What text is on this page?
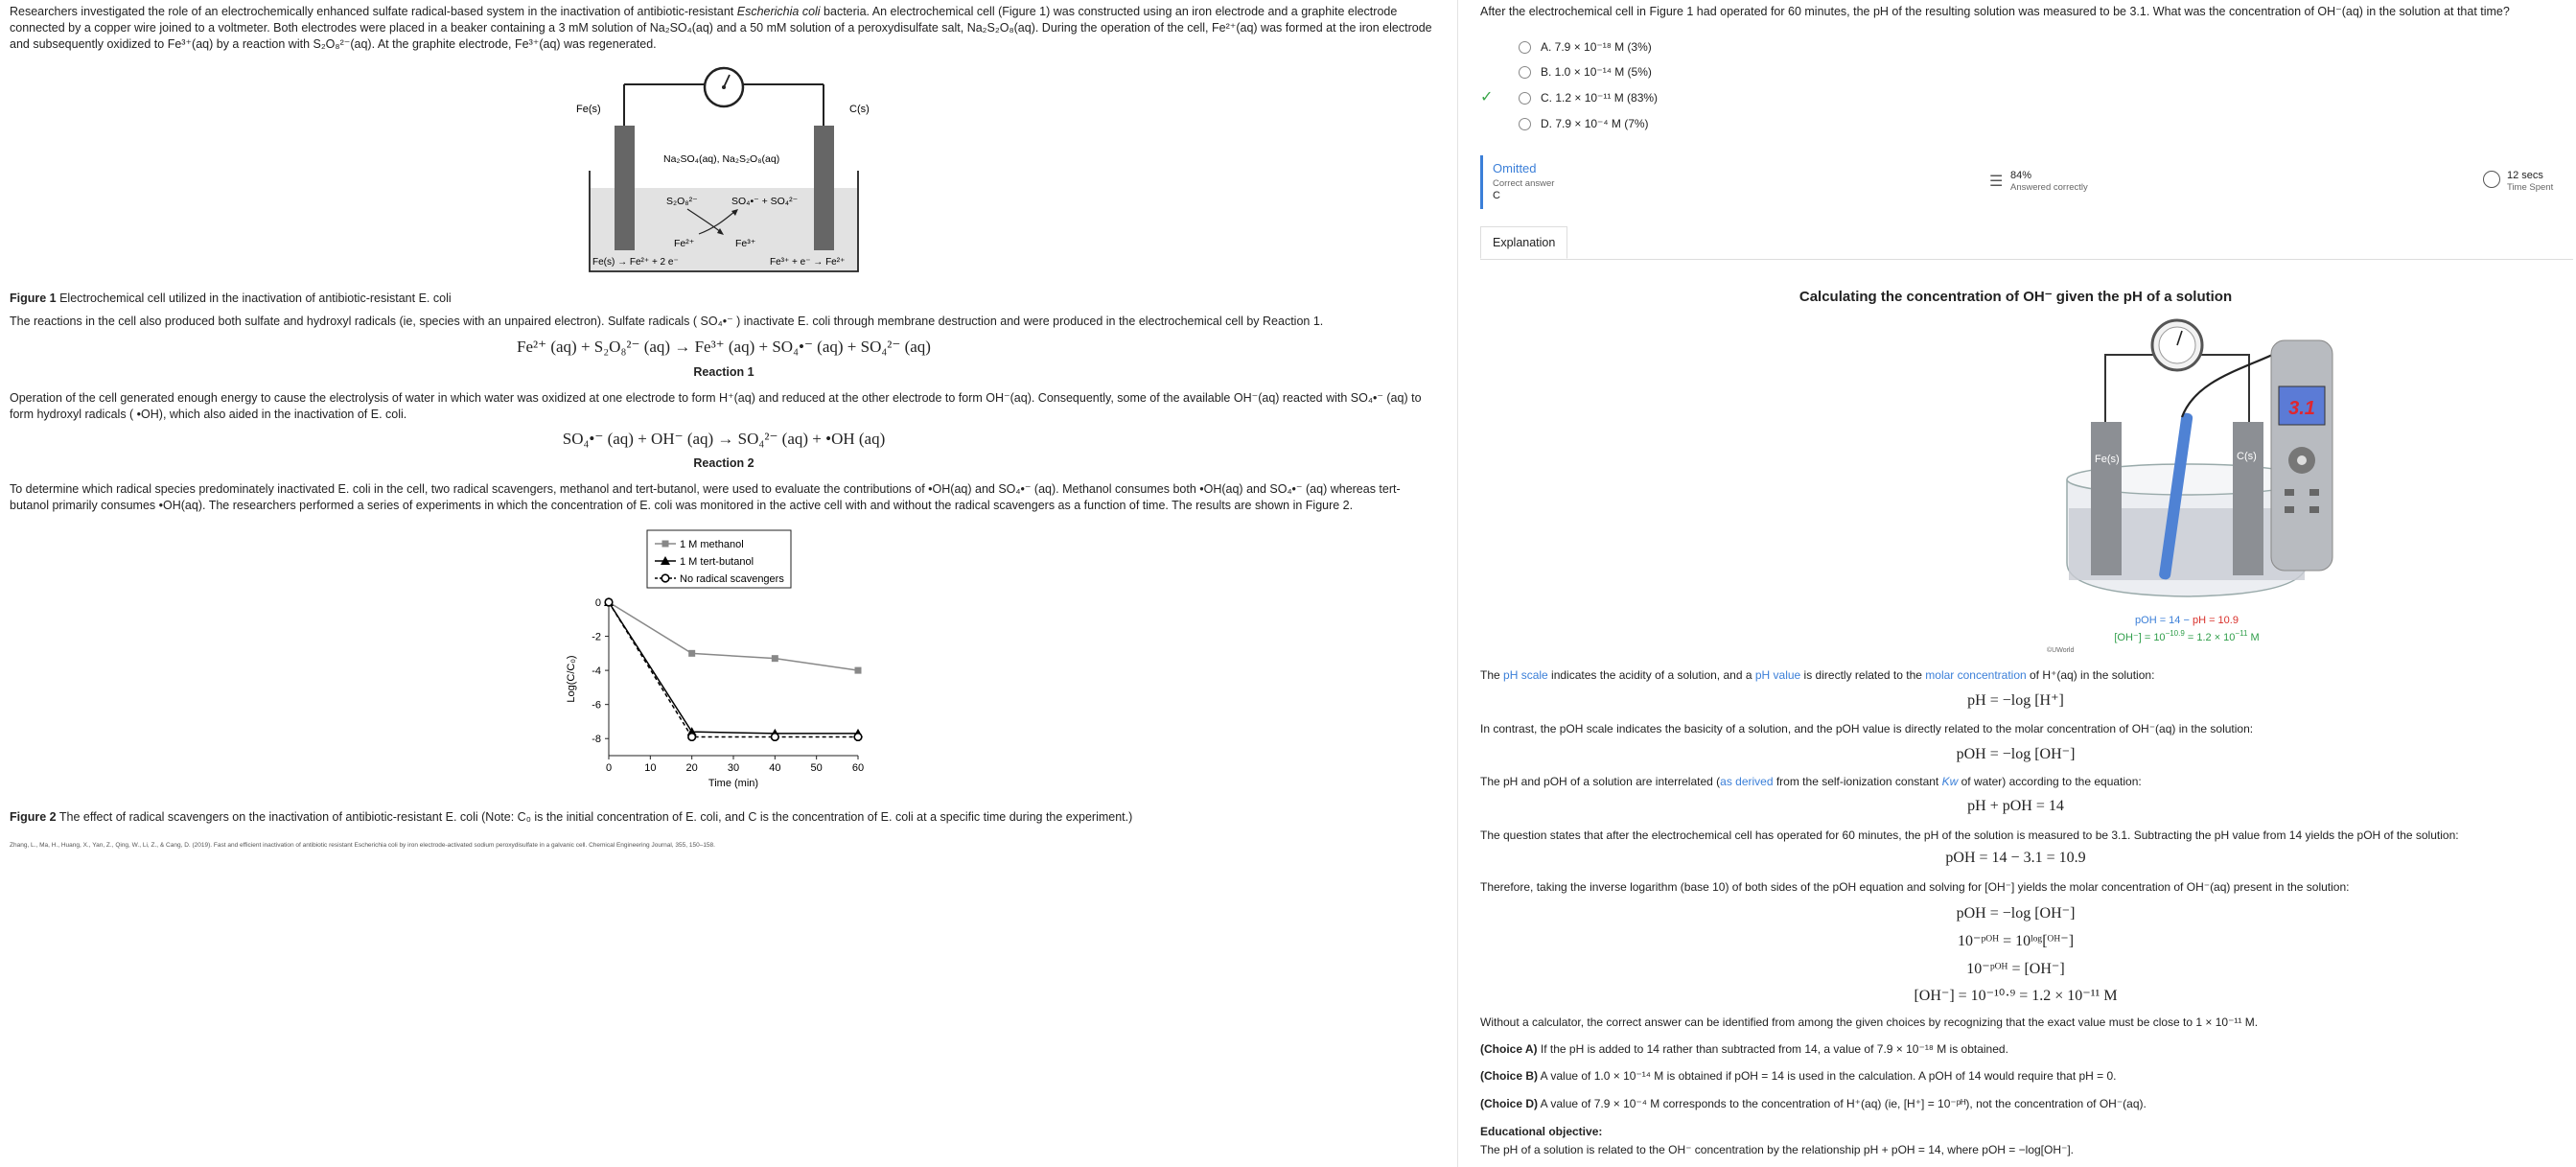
Researchers investigated the role of an electrochemically enhanced sulfate radical-based system in the inactivation of antibiotic-resistant Escherichia coli bacteria. An electrochemical cell (Figure 1) was constructed using an iron electrode and a graphite electrode connected by a copper wire joined to a voltmeter. Both electrodes were placed in a beaker containing a 3 mM solution of Na₂SO₄(aq) and a 50 mM solution of a peroxydisulfate salt, Na₂S₂O₈(aq). During the operation of the cell, Fe²⁺(aq) was formed at the iron electrode and subsequently oxidized to Fe³⁺(aq) by a reaction with S₂O₈²⁻(aq). At the graphite electrode, Fe³⁺(aq) was regenerated.

Fe(s)	C(s)
Na₂SO₄(aq), Na₂S₂O₈(aq)
S₂O₈²⁻	SO₄•⁻ + SO₄²⁻
Fe²⁺	Fe³⁺
Fe(s) → Fe²⁺ + 2 e⁻	Fe³⁺ + e⁻ → Fe²⁺

Figure 1 Electrochemical cell utilized in the inactivation of antibiotic-resistant E. coli

The reactions in the cell also produced both sulfate and hydroxyl radicals (ie, species with an unpaired electron). Sulfate radicals ( SO₄•⁻ ) inactivate E. coli through membrane destruction and were produced in the electrochemical cell by Reaction 1.

Fe²⁺ (aq) + S₂O₈²⁻ (aq) → Fe³⁺ (aq) + SO₄•⁻ (aq) + SO₄²⁻ (aq)
Reaction 1

Operation of the cell generated enough energy to cause the electrolysis of water in which water was oxidized at one electrode to form H⁺(aq) and reduced at the other electrode to form OH⁻(aq). Consequently, some of the available OH⁻(aq) reacted with SO₄•⁻ (aq) to form hydroxyl radicals ( •OH), which also aided in the inactivation of E. coli.

SO₄•⁻ (aq) + OH⁻ (aq) → SO₄²⁻ (aq) + •OH (aq)
Reaction 2

To determine which radical species predominately inactivated E. coli in the cell, two radical scavengers, methanol and tert-butanol, were used to evaluate the contributions of •OH(aq) and SO₄•⁻ (aq). Methanol consumes both •OH(aq) and SO₄•⁻ (aq) whereas tert-butanol primarily consumes •OH(aq). The researchers performed a series of experiments in which the concentration of E. coli was monitored in the active cell with and without the radical scavengers as a function of time. The results are shown in Figure 2.

0	10	20	30	40	50	60
0
-2
-4
-6
-8
Time (min)
Log(C/C₀)
1 M methanol
1 M tert-butanol
No radical scavengers

Figure 2 The effect of radical scavengers on the inactivation of antibiotic-resistant E. coli (Note: C₀ is the initial concentration of E. coli, and C is the concentration of E. coli at a specific time during the experiment.)

Zhang, L., Ma, H., Huang, X., Yan, Z., Qing, W., Li, Z., & Cang, D. (2019). Fast and efficient inactivation of antibiotic resistant Escherichia coli by iron electrode-activated sodium peroxydisulfate in a galvanic cell. Chemical Engineering Journal, 355, 150–158.

After the electrochemical cell in Figure 1 had operated for 60 minutes, the pH of the resulting solution was measured to be 3.1. What was the concentration of OH⁻(aq) in the solution at that time?

A. 7.9 × 10⁻¹⁸ M (3%)
B. 1.0 × 10⁻¹⁴ M (5%)
✓	C. 1.2 × 10⁻¹¹ M (83%)
D. 7.9 × 10⁻⁴ M (7%)
Omitted
Correct answer
C
☰ 84%
Answered correctly
12 secs
Time Spent
Explanation
Calculating the concentration of OH⁻ given the pH of a solution
Fe(s)	C(s)
3.1
pOH = 14 − pH = 10.9
$[OH^-] = 10^{-10.9} = 1.2 \times 10^{-11}$ M
©UWorld

The pH scale indicates the acidity of a solution, and a pH value is directly related to the molar concentration of H⁺(aq) in the solution:

pH = −log [H⁺]

In contrast, the pOH scale indicates the basicity of a solution, and the pOH value is directly related to the molar concentration of OH⁻(aq) in the solution:

pOH = −log [OH⁻]

The pH and pOH of a solution are interrelated (as derived from the self-ionization constant Kw of water) according to the equation:

pH + pOH = 14

The question states that after the electrochemical cell has operated for 60 minutes, the pH of the solution is measured to be 3.1. Subtracting the pH value from 14 yields the pOH of the solution:

pOH = 14 − 3.1 = 10.9

Therefore, taking the inverse logarithm (base 10) of both sides of the pOH equation and solving for [OH⁻] yields the molar concentration of OH⁻(aq) present in the solution:

pOH = −log [OH⁻]
10⁻ᵖᴼᴴ = 10ˡᵒᵍ[ᴼᴴ⁻]
10⁻ᵖᴼᴴ = [OH⁻]
[OH⁻] = 10⁻¹⁰·⁹ = 1.2 × 10⁻¹¹ M

Without a calculator, the correct answer can be identified from among the given choices by recognizing that the exact value must be close to 1 × 10⁻¹¹ M.

(Choice A) If the pH is added to 14 rather than subtracted from 14, a value of 7.9 × 10⁻¹⁸ M is obtained.

(Choice B) A value of 1.0 × 10⁻¹⁴ M is obtained if pOH = 14 is used in the calculation. A pOH of 14 would require that pH = 0.

(Choice D) A value of 7.9 × 10⁻⁴ M corresponds to the concentration of H⁺(aq) (ie, [H⁺] = 10⁻ᵖᴴ), not the concentration of OH⁻(aq).

Educational objective:

The pH of a solution is related to the OH⁻ concentration by the relationship pH + pOH = 14, where pOH = −log[OH⁻].
